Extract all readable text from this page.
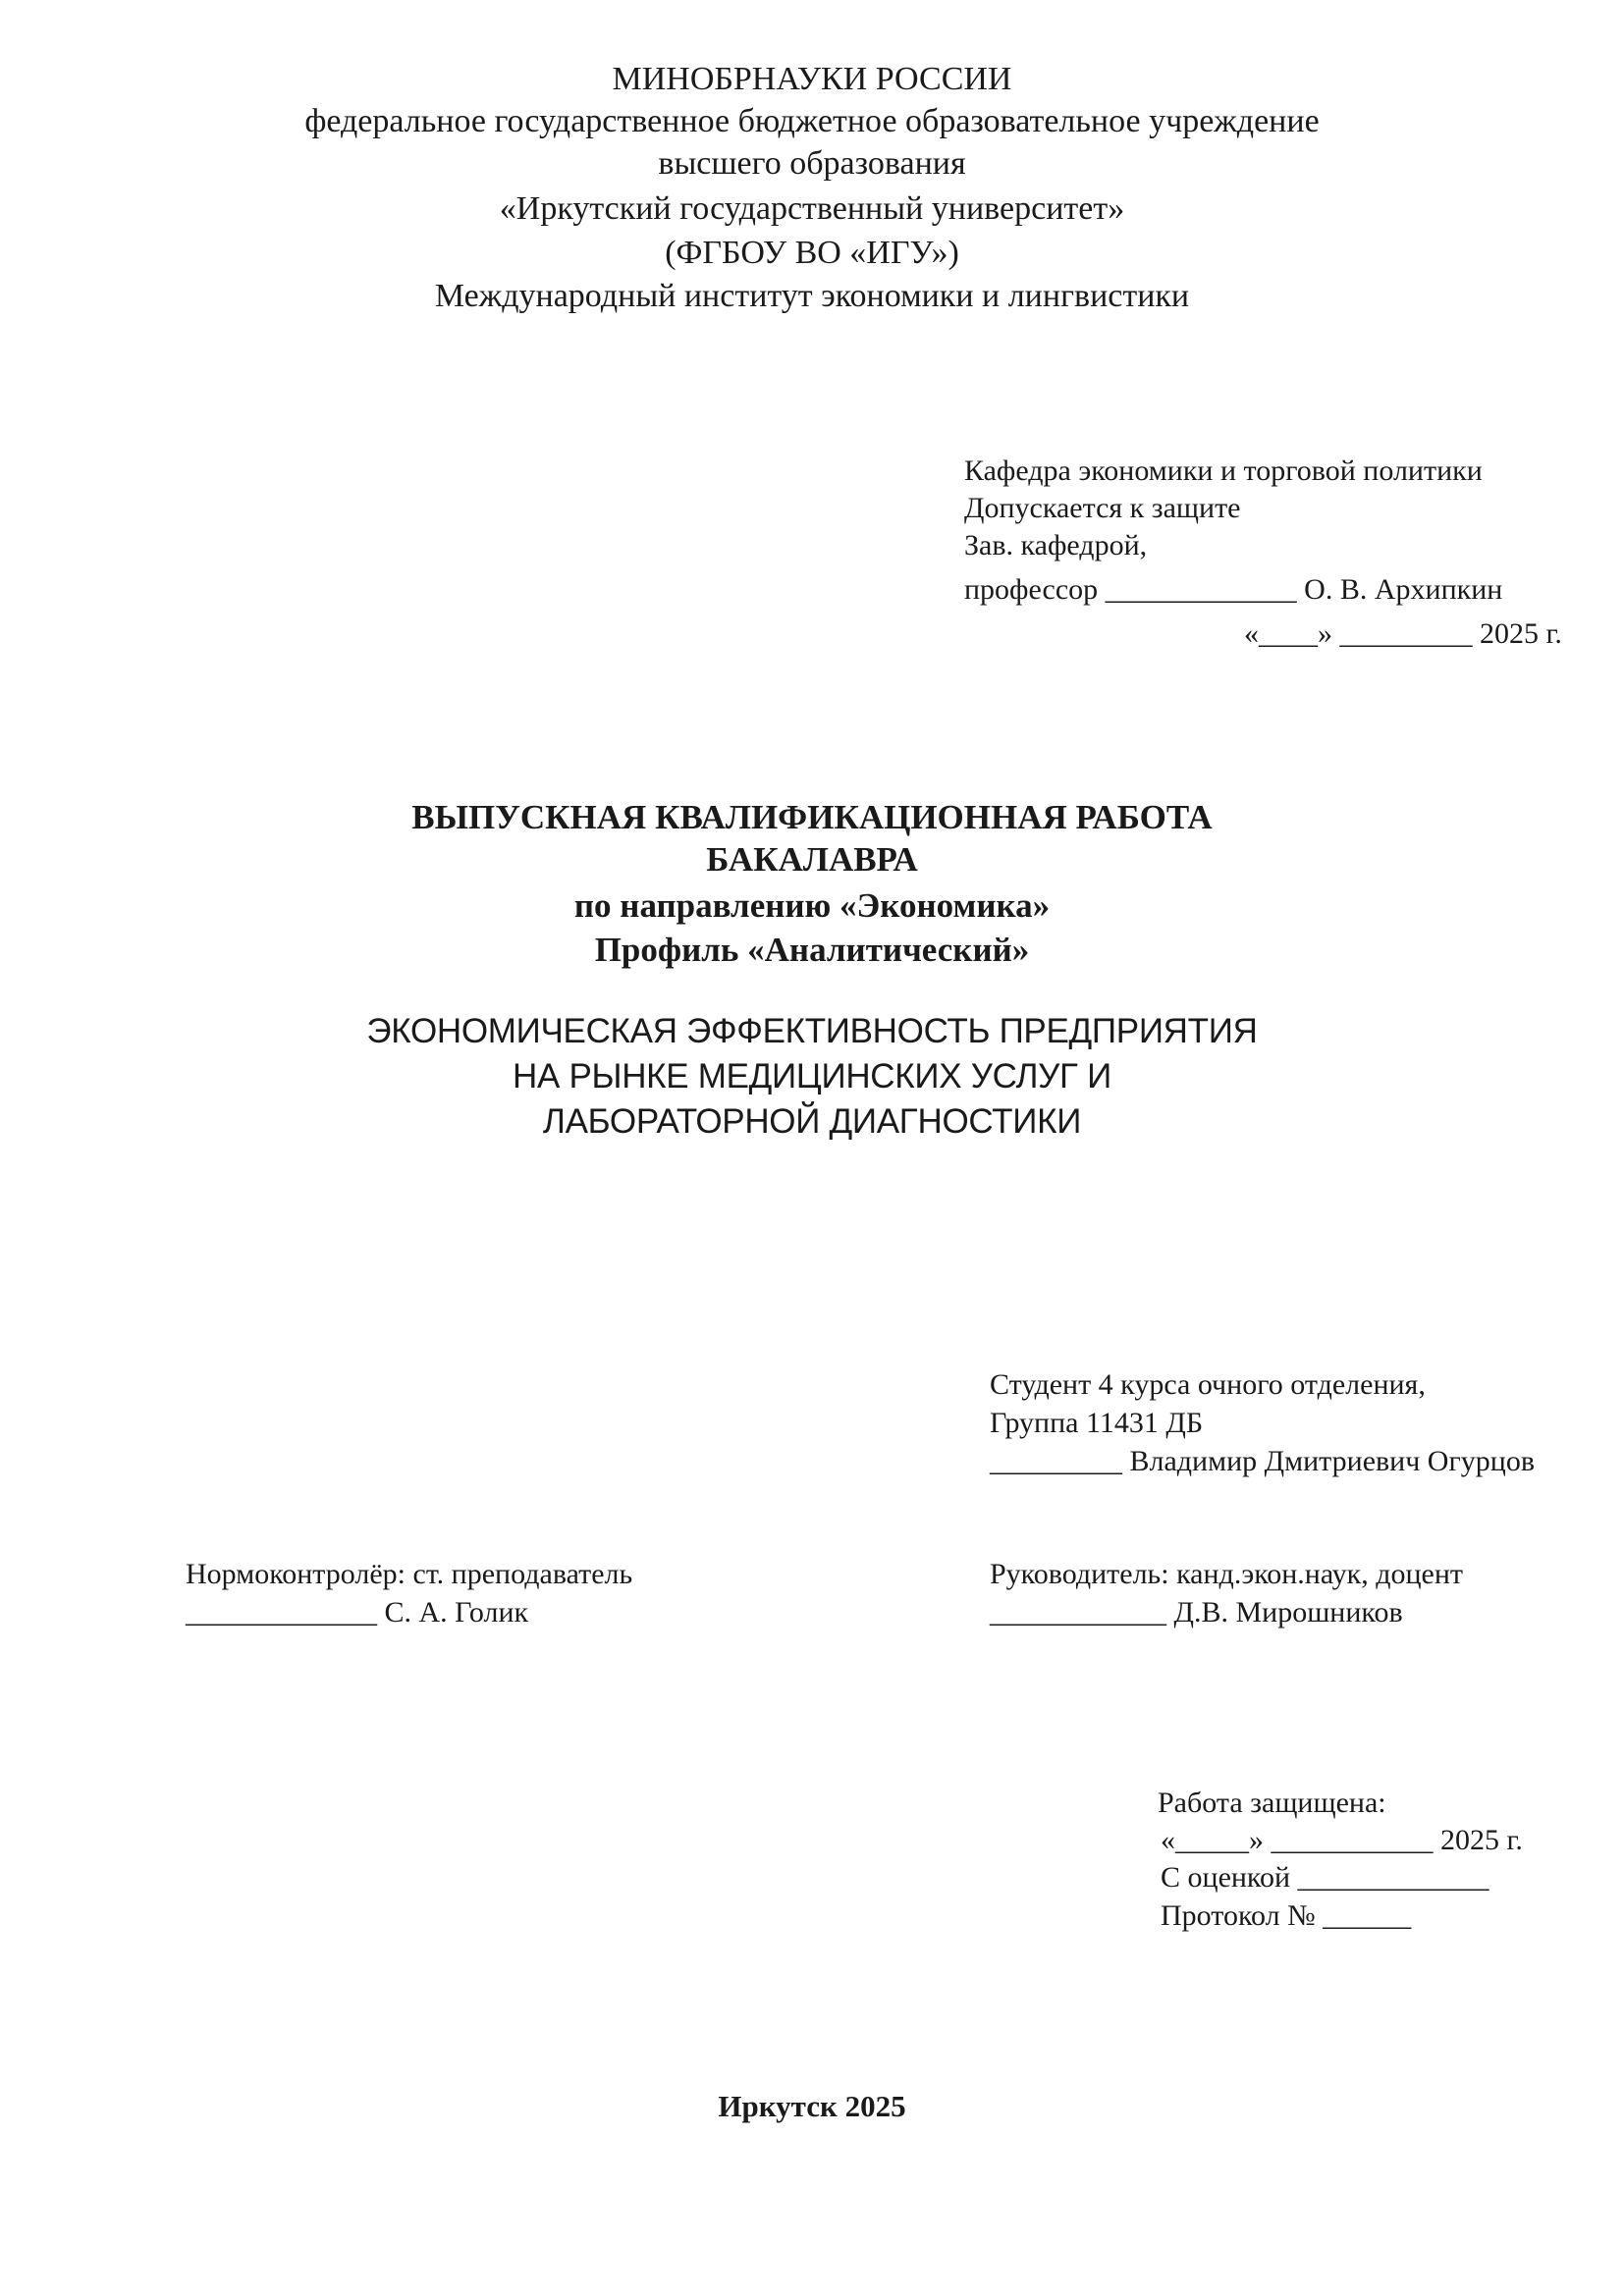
МИНОБРНАУКИ РОССИИ
федеральное государственное бюджетное образовательное учреждение
высшего образования
«Иркутский государственный университет»
(ФГБОУ ВО «ИГУ»)
Международный институт экономики и лингвистики
Кафедра экономики и торговой политики
Допускается к защите
Зав. кафедрой,
профессор _____________ О. В. Архипкин
«____» _________ 2025 г.
ВЫПУСКНАЯ КВАЛИФИКАЦИОННАЯ РАБОТА
БАКАЛАВРА
по направлению «Экономика»
Профиль «Аналитический»
ЭКОНОМИЧЕСКАЯ ЭФФЕКТИВНОСТЬ ПРЕДПРИЯТИЯ
НА РЫНКЕ МЕДИЦИНСКИХ УСЛУГ И
ЛАБОРАТОРНОЙ ДИАГНОСТИКИ
Студент 4 курса очного отделения,
Группа 11431 ДБ
_________ Владимир Дмитриевич Огурцов
Нормоконтролёр: ст. преподаватель
_____________ С. А. Голик
Руководитель: канд.экон.наук, доцент
____________ Д.В. Мирошников
Работа защищена:
«_____» ___________ 2025 г.
С оценкой _____________
Протокол № ______
Иркутск 2025
